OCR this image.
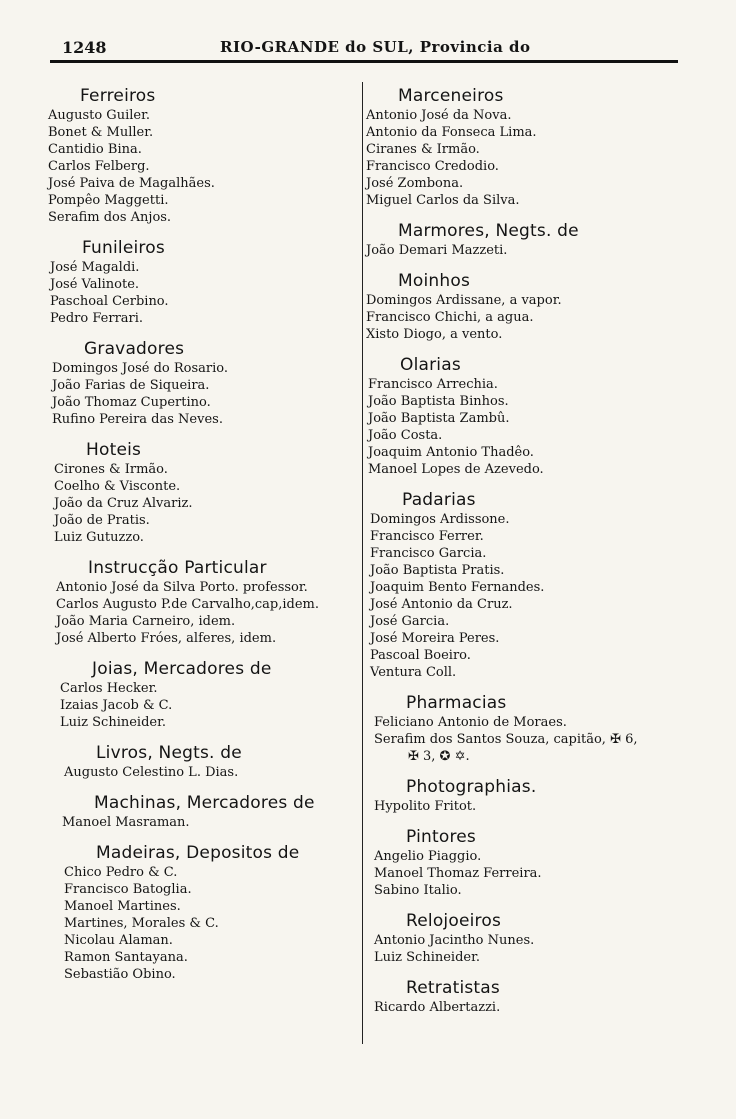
1248	RIO-GRANDE do SUL, Provincia do
Ferreiros
Augusto Guiler.
Bonet & Muller.
Cantidio Bina.
Carlos Felberg.
José Paiva de Magalhães.
Pompêo Maggetti.
Serafim dos Anjos.
Funileiros
José Magaldi.
José Valinote.
Paschoal Cerbino.
Pedro Ferrari.
Gravadores
Domingos José do Rosario.
João Farias de Siqueira.
João Thomaz Cupertino.
Rufino Pereira das Neves.
Hoteis
Cirones & Irmão.
Coelho & Visconte.
João da Cruz Alvariz.
João de Pratis.
Luiz Gutuzzo.
Instrucção Particular
Antonio José da Silva Porto. professor.
Carlos Augusto P.de Carvalho,cap,idem.
João Maria Carneiro, idem.
José Alberto Fróes, alferes, idem.
Joias, Mercadores de
Carlos Hecker.
Izaias Jacob & C.
Luiz Schineider.
Livros, Negts. de
Augusto Celestino L. Dias.
Machinas, Mercadores de
Manoel Masraman.
Madeiras, Depositos de
Chico Pedro & C.
Francisco Batoglia.
Manoel Martines.
Martines, Morales & C.
Nicolau Alaman.
Ramon Santayana.
Sebastião Obino.
Marceneiros
Antonio José da Nova.
Antonio da Fonseca Lima.
Ciranes & Irmão.
Francisco Credodio.
José Zombona.
Miguel Carlos da Silva.
Marmores, Negts. de
João Demari Mazzeti.
Moinhos
Domingos Ardissane, a vapor.
Francisco Chichi, a agua.
Xisto Diogo, a vento.
Olarias
Francisco Arrechia.
João Baptista Binhos.
João Baptista Zambû.
João Costa.
Joaquim Antonio Thadêo.
Manoel Lopes de Azevedo.
Padarias
Domingos Ardissone.
Francisco Ferrer.
Francisco Garcia.
João Baptista Pratis.
Joaquim Bento Fernandes.
José Antonio da Cruz.
José Garcia.
José Moreira Peres.
Pascoal Boeiro.
Ventura Coll.
Pharmacias
Feliciano Antonio de Moraes.
Serafim dos Santos Souza, capitão, ✠ 6,
✠ 3, ✪ ✡.
Photographias.
Hypolito Fritot.
Pintores
Angelio Piaggio.
Manoel Thomaz Ferreira.
Sabino Italio.
Relojoeiros
Antonio Jacintho Nunes.
Luiz Schineider.
Retratistas
Ricardo Albertazzi.
